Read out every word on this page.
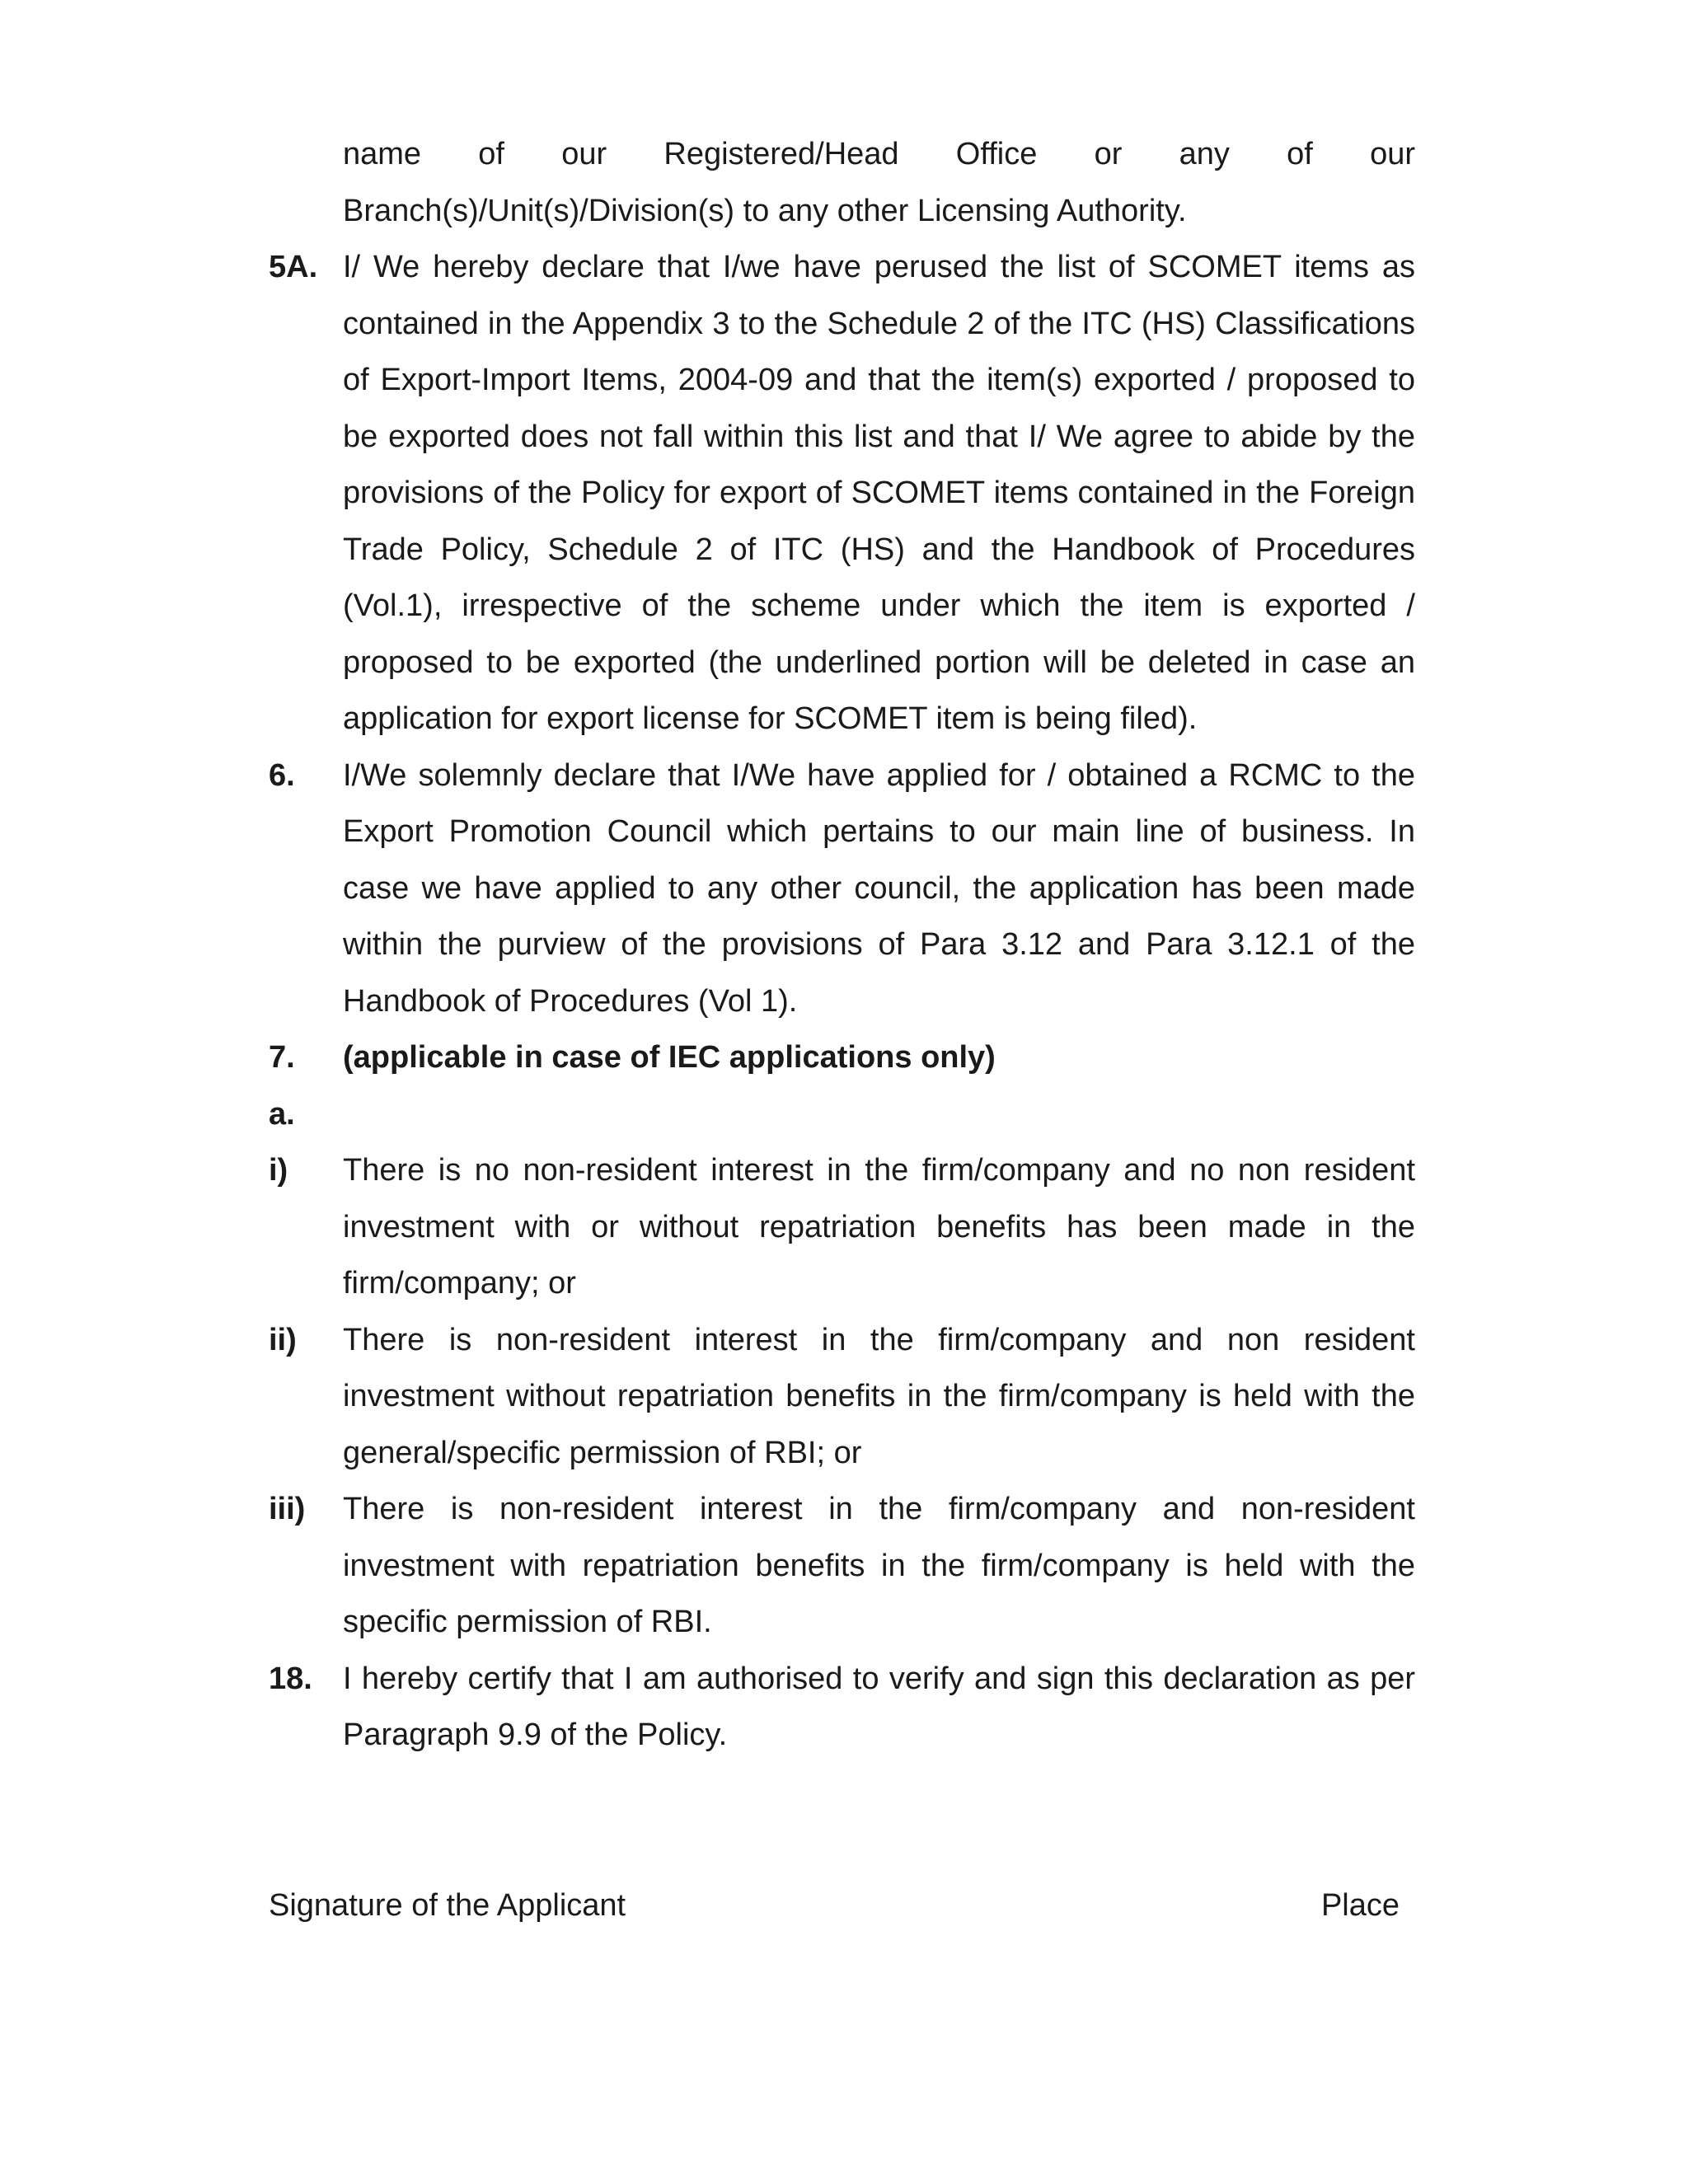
name of our Registered/Head Office or any of our
Branch(s)/Unit(s)/Division(s) to any other Licensing Authority.
5A. I/ We hereby declare that I/we have perused the list of SCOMET items as contained in the Appendix 3 to the Schedule 2 of the ITC (HS) Classifications of Export-Import Items, 2004-09 and that the item(s) exported / proposed to be exported does not fall within this list and that I/ We agree to abide by the provisions of the Policy for export of SCOMET items contained in the Foreign Trade Policy, Schedule 2 of ITC (HS) and the Handbook of Procedures (Vol.1), irrespective of the scheme under which the item is exported / proposed to be exported (the underlined portion will be deleted in case an application for export license for SCOMET item is being filed).
6.	I/We solemnly declare that I/We have applied for / obtained a RCMC to the Export Promotion Council which pertains to our main line of business. In case we have applied to any other council, the application has been made within the purview of the provisions of Para 3.12 and Para 3.12.1 of the Handbook of Procedures (Vol 1).
7.	(applicable in case of IEC applications only)
a.
i)	There is no non-resident interest in the firm/company and no non resident investment with or without repatriation benefits has been made in the firm/company; or
ii)	There is non-resident interest in the firm/company and non resident investment without repatriation benefits in the firm/company is held with the general/specific permission of RBI; or
iii)	There is non-resident interest in the firm/company and non-resident investment with repatriation benefits in the firm/company is held with the specific permission of RBI.
18. I hereby certify that I am authorised to verify and sign this declaration as per Paragraph 9.9 of the Policy.
Signature of the Applicant	Place
